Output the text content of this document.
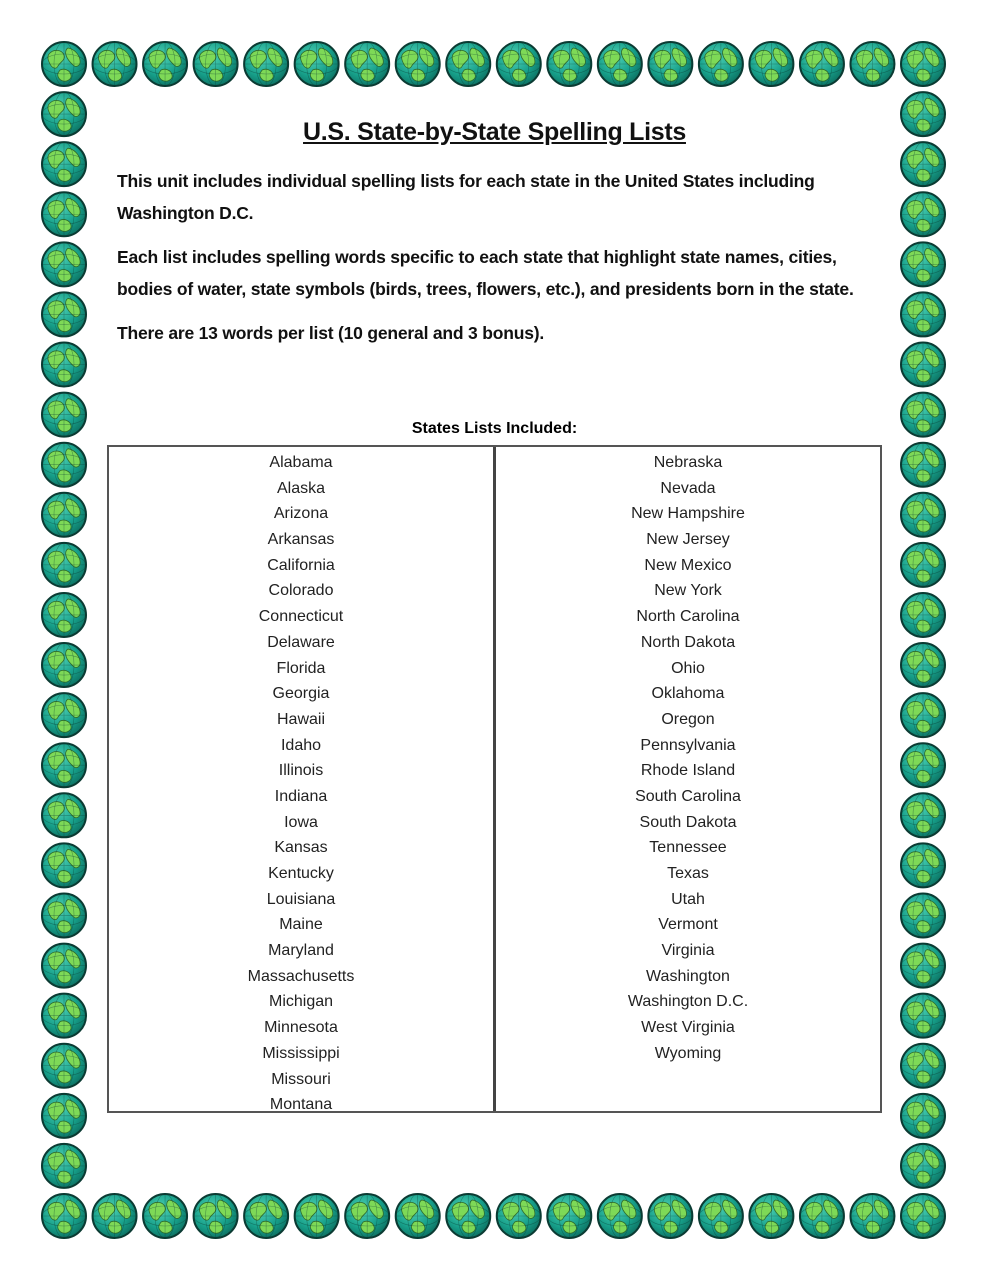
U.S. State-by-State Spelling Lists
This unit includes individual spelling lists for each state in the United States including Washington D.C.
Each list includes spelling words specific to each state that highlight state names, cities, bodies of water, state symbols (birds, trees, flowers, etc.), and presidents born in the state.
There are 13 words per list (10 general and 3 bonus).
States Lists Included:
Alabama
Alaska
Arizona
Arkansas
California
Colorado
Connecticut
Delaware
Florida
Georgia
Hawaii
Idaho
Illinois
Indiana
Iowa
Kansas
Kentucky
Louisiana
Maine
Maryland
Massachusetts
Michigan
Minnesota
Mississippi
Missouri
Montana
Nebraska
Nevada
New Hampshire
New Jersey
New Mexico
New York
North Carolina
North Dakota
Ohio
Oklahoma
Oregon
Pennsylvania
Rhode Island
South Carolina
South Dakota
Tennessee
Texas
Utah
Vermont
Virginia
Washington
Washington D.C.
West Virginia
Wyoming
